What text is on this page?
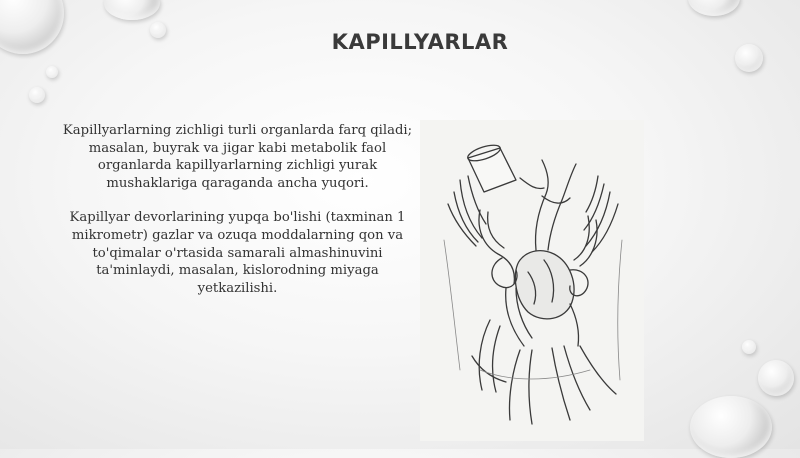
KAPILLYARLAR

Kapillyarlarning zichligi turli organlarda farq qiladi; masalan, buyrak va jigar kabi metabolik faol organlarda kapillyarlarning zichligi yurak mushaklariga qaraganda ancha yuqori.

Kapillyar devorlarining yupqa bo'lishi (taxminan 1 mikrometr) gazlar va ozuqa moddalarning qon va to'qimalar o'rtasida samarali almashinuvini ta'minlaydi, masalan, kislorodning miyaga yetkazilishi.
